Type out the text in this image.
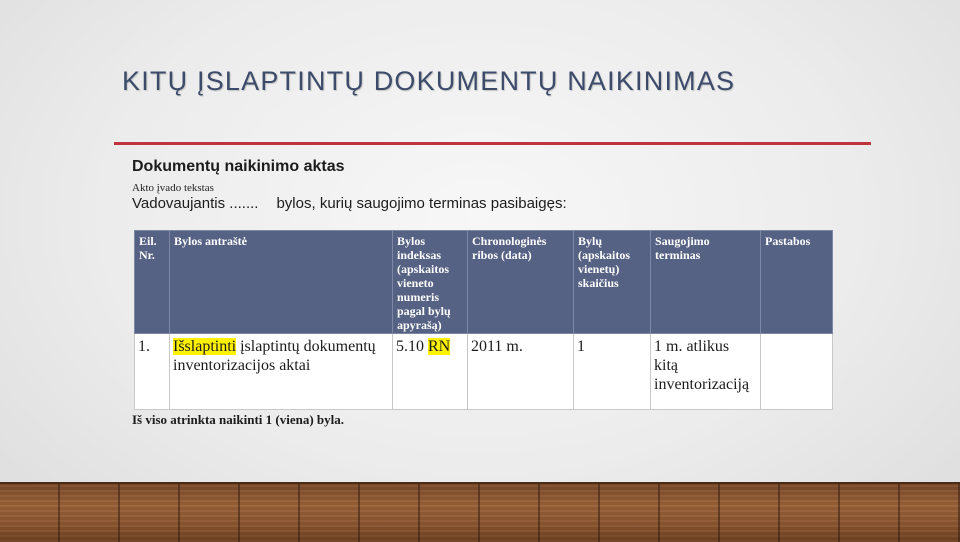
KITŲ ĮSLAPTINTŲ DOKUMENTŲ NAIKINIMAS
Dokumentų naikinimo aktas
Akto įvado tekstas
Vadovaujantis ....... bylos, kurių saugojimo terminas pasibaigęs:
Eil. Nr.	Bylos antraštė	Bylos indeksas (apskaitos vieneto numeris pagal bylų apyrašą)	Chronologinės ribos (data)	Bylų (apskaitos vienetų) skaičius	Saugojimo terminas	Pastabos
1.	Išslaptinti įslaptintų dokumentų inventorizacijos aktai	5.10 RN	2011 m.	1	1 m. atlikus kitą inventorizaciją	
Iš viso atrinkta naikinti 1 (viena) byla.
